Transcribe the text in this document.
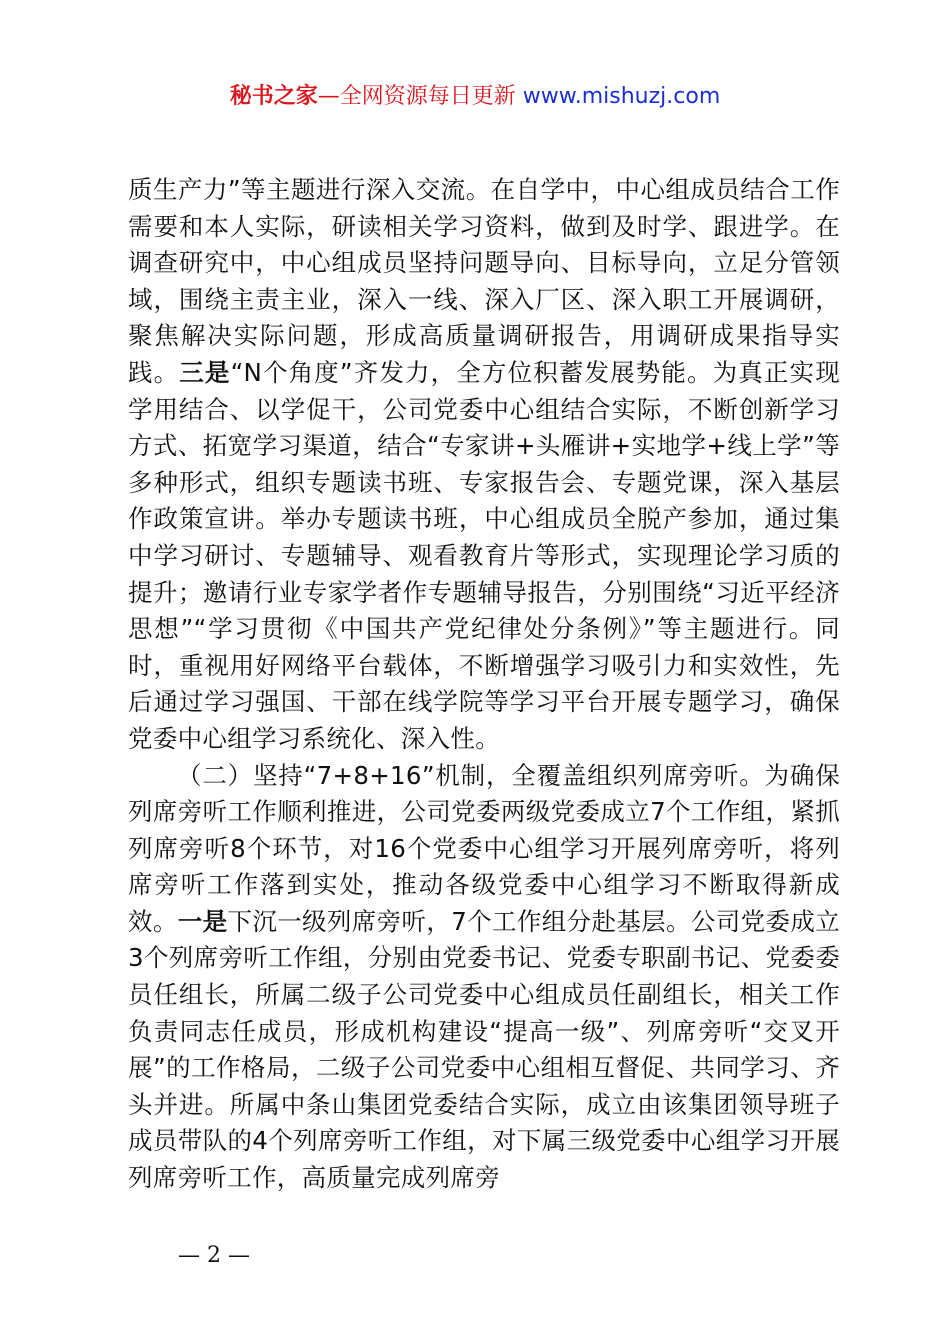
秘书之家—全网资源每日更新 www.mishuzj.com

质生产力”等主题进行深入交流。在自学中，中心组成员结合工作需要和本人实际，研读相关学习资料，做到及时学、跟进学。在调查研究中，中心组成员坚持问题导向、目标导向，立足分管领域，围绕主责主业，深入一线、深入厂区、深入职工开展调研，聚焦解决实际问题，形成高质量调研报告，用调研成果指导实践。三是“N个角度”齐发力，全方位积蓄发展势能。为真正实现学用结合、以学促干，公司党委中心组结合实际，不断创新学习方式、拓宽学习渠道，结合“专家讲+头雁讲+实地学+线上学”等多种形式，组织专题读书班、专家报告会、专题党课，深入基层作政策宣讲。举办专题读书班，中心组成员全脱产参加，通过集中学习研讨、专题辅导、观看教育片等形式，实现理论学习质的提升；邀请行业专家学者作专题辅导报告，分别围绕“习近平经济思想”“学习贯彻《中国共产党纪律处分条例》”等主题进行。同时，重视用好网络平台载体，不断增强学习吸引力和实效性，先后通过学习强国、干部在线学院等学习平台开展专题学习，确保党委中心组学习系统化、深入性。

（二）坚持“7+8+16”机制，全覆盖组织列席旁听。为确保列席旁听工作顺利推进，公司党委两级党委成立7个工作组，紧抓列席旁听8个环节，对16个党委中心组学习开展列席旁听，将列席旁听工作落到实处，推动各级党委中心组学习不断取得新成效。一是下沉一级列席旁听，7个工作组分赴基层。公司党委成立3个列席旁听工作组，分别由党委书记、党委专职副书记、党委委员任组长，所属二级子公司党委中心组成员任副组长，相关工作负责同志任成员，形成机构建设“提高一级”、列席旁听“交叉开展”的工作格局，二级子公司党委中心组相互督促、共同学习、齐头并进。所属中条山集团党委结合实际，成立由该集团领导班子成员带队的4个列席旁听工作组，对下属三级党委中心组学习开展列席旁听工作，高质量完成列席旁

— 2 —
